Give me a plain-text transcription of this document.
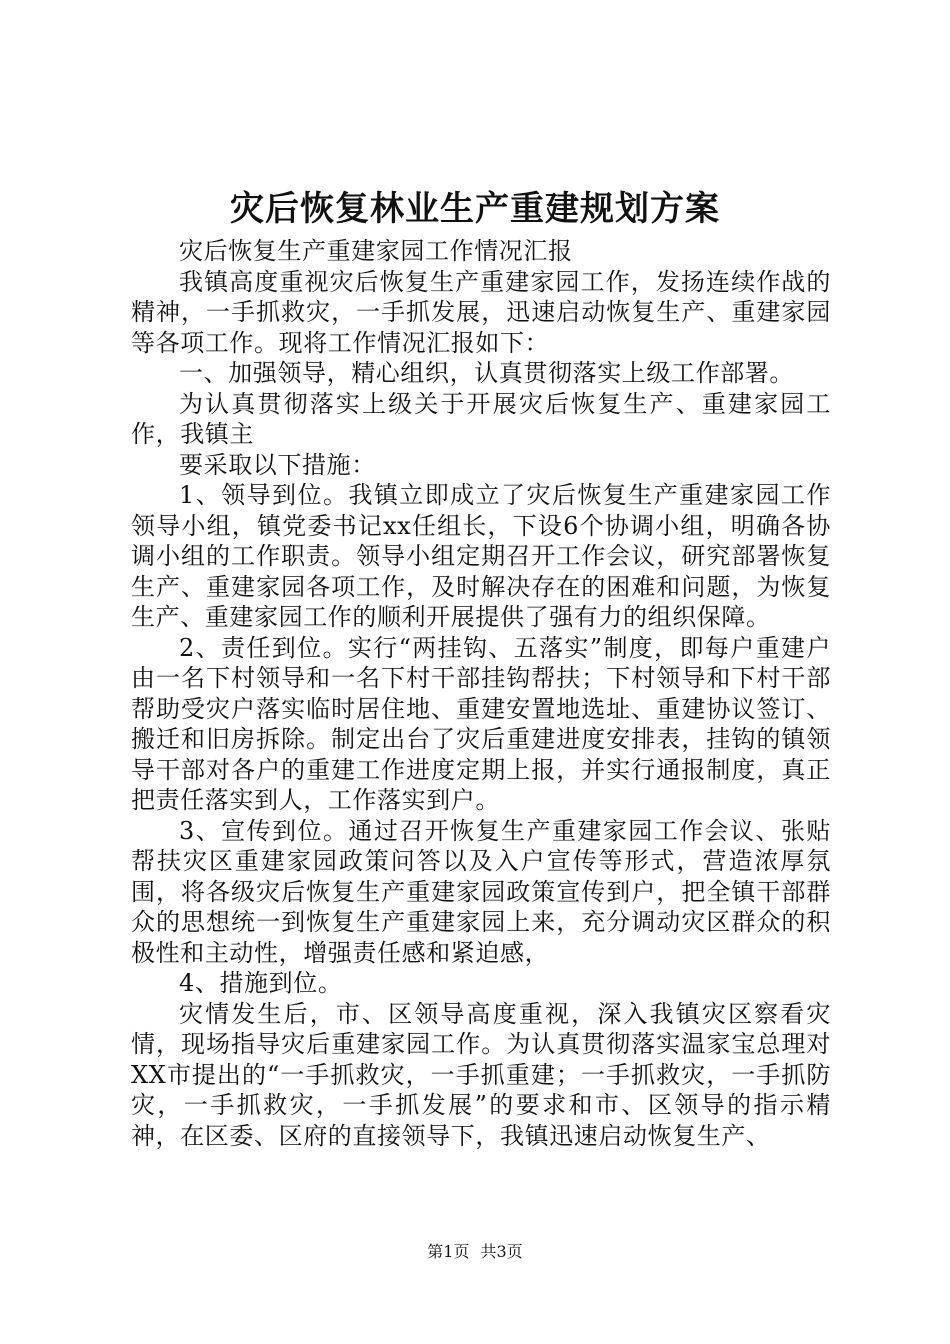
灾后恢复林业生产重建规划方案

灾后恢复生产重建家园工作情况汇报

我镇高度重视灾后恢复生产重建家园工作，发扬连续作战的精神，一手抓救灾，一手抓发展，迅速启动恢复生产、重建家园等各项工作。现将工作情况汇报如下：

一、加强领导，精心组织，认真贯彻落实上级工作部署。

为认真贯彻落实上级关于开展灾后恢复生产、重建家园工作，我镇主

要采取以下措施：

1、领导到位。我镇立即成立了灾后恢复生产重建家园工作领导小组，镇党委书记xx任组长，下设6个协调小组，明确各协调小组的工作职责。领导小组定期召开工作会议，研究部署恢复生产、重建家园各项工作，及时解决存在的困难和问题，为恢复生产、重建家园工作的顺利开展提供了强有力的组织保障。

2、责任到位。实行“两挂钩、五落实”制度，即每户重建户由一名下村领导和一名下村干部挂钩帮扶；下村领导和下村干部帮助受灾户落实临时居住地、重建安置地选址、重建协议签订、搬迁和旧房拆除。制定出台了灾后重建进度安排表，挂钩的镇领导干部对各户的重建工作进度定期上报，并实行通报制度，真正把责任落实到人，工作落实到户。

3、宣传到位。通过召开恢复生产重建家园工作会议、张贴帮扶灾区重建家园政策问答以及入户宣传等形式，营造浓厚氛围，将各级灾后恢复生产重建家园政策宣传到户，把全镇干部群众的思想统一到恢复生产重建家园上来，充分调动灾区群众的积极性和主动性，增强责任感和紧迫感，

4、措施到位。

灾情发生后，市、区领导高度重视，深入我镇灾区察看灾情，现场指导灾后重建家园工作。为认真贯彻落实温家宝总理对XX市提出的“一手抓救灾，一手抓重建；一手抓救灾，一手抓防灾，一手抓救灾，一手抓发展”的要求和市、区领导的指示精神，在区委、区府的直接领导下，我镇迅速启动恢复生产、

第1页 共3页
